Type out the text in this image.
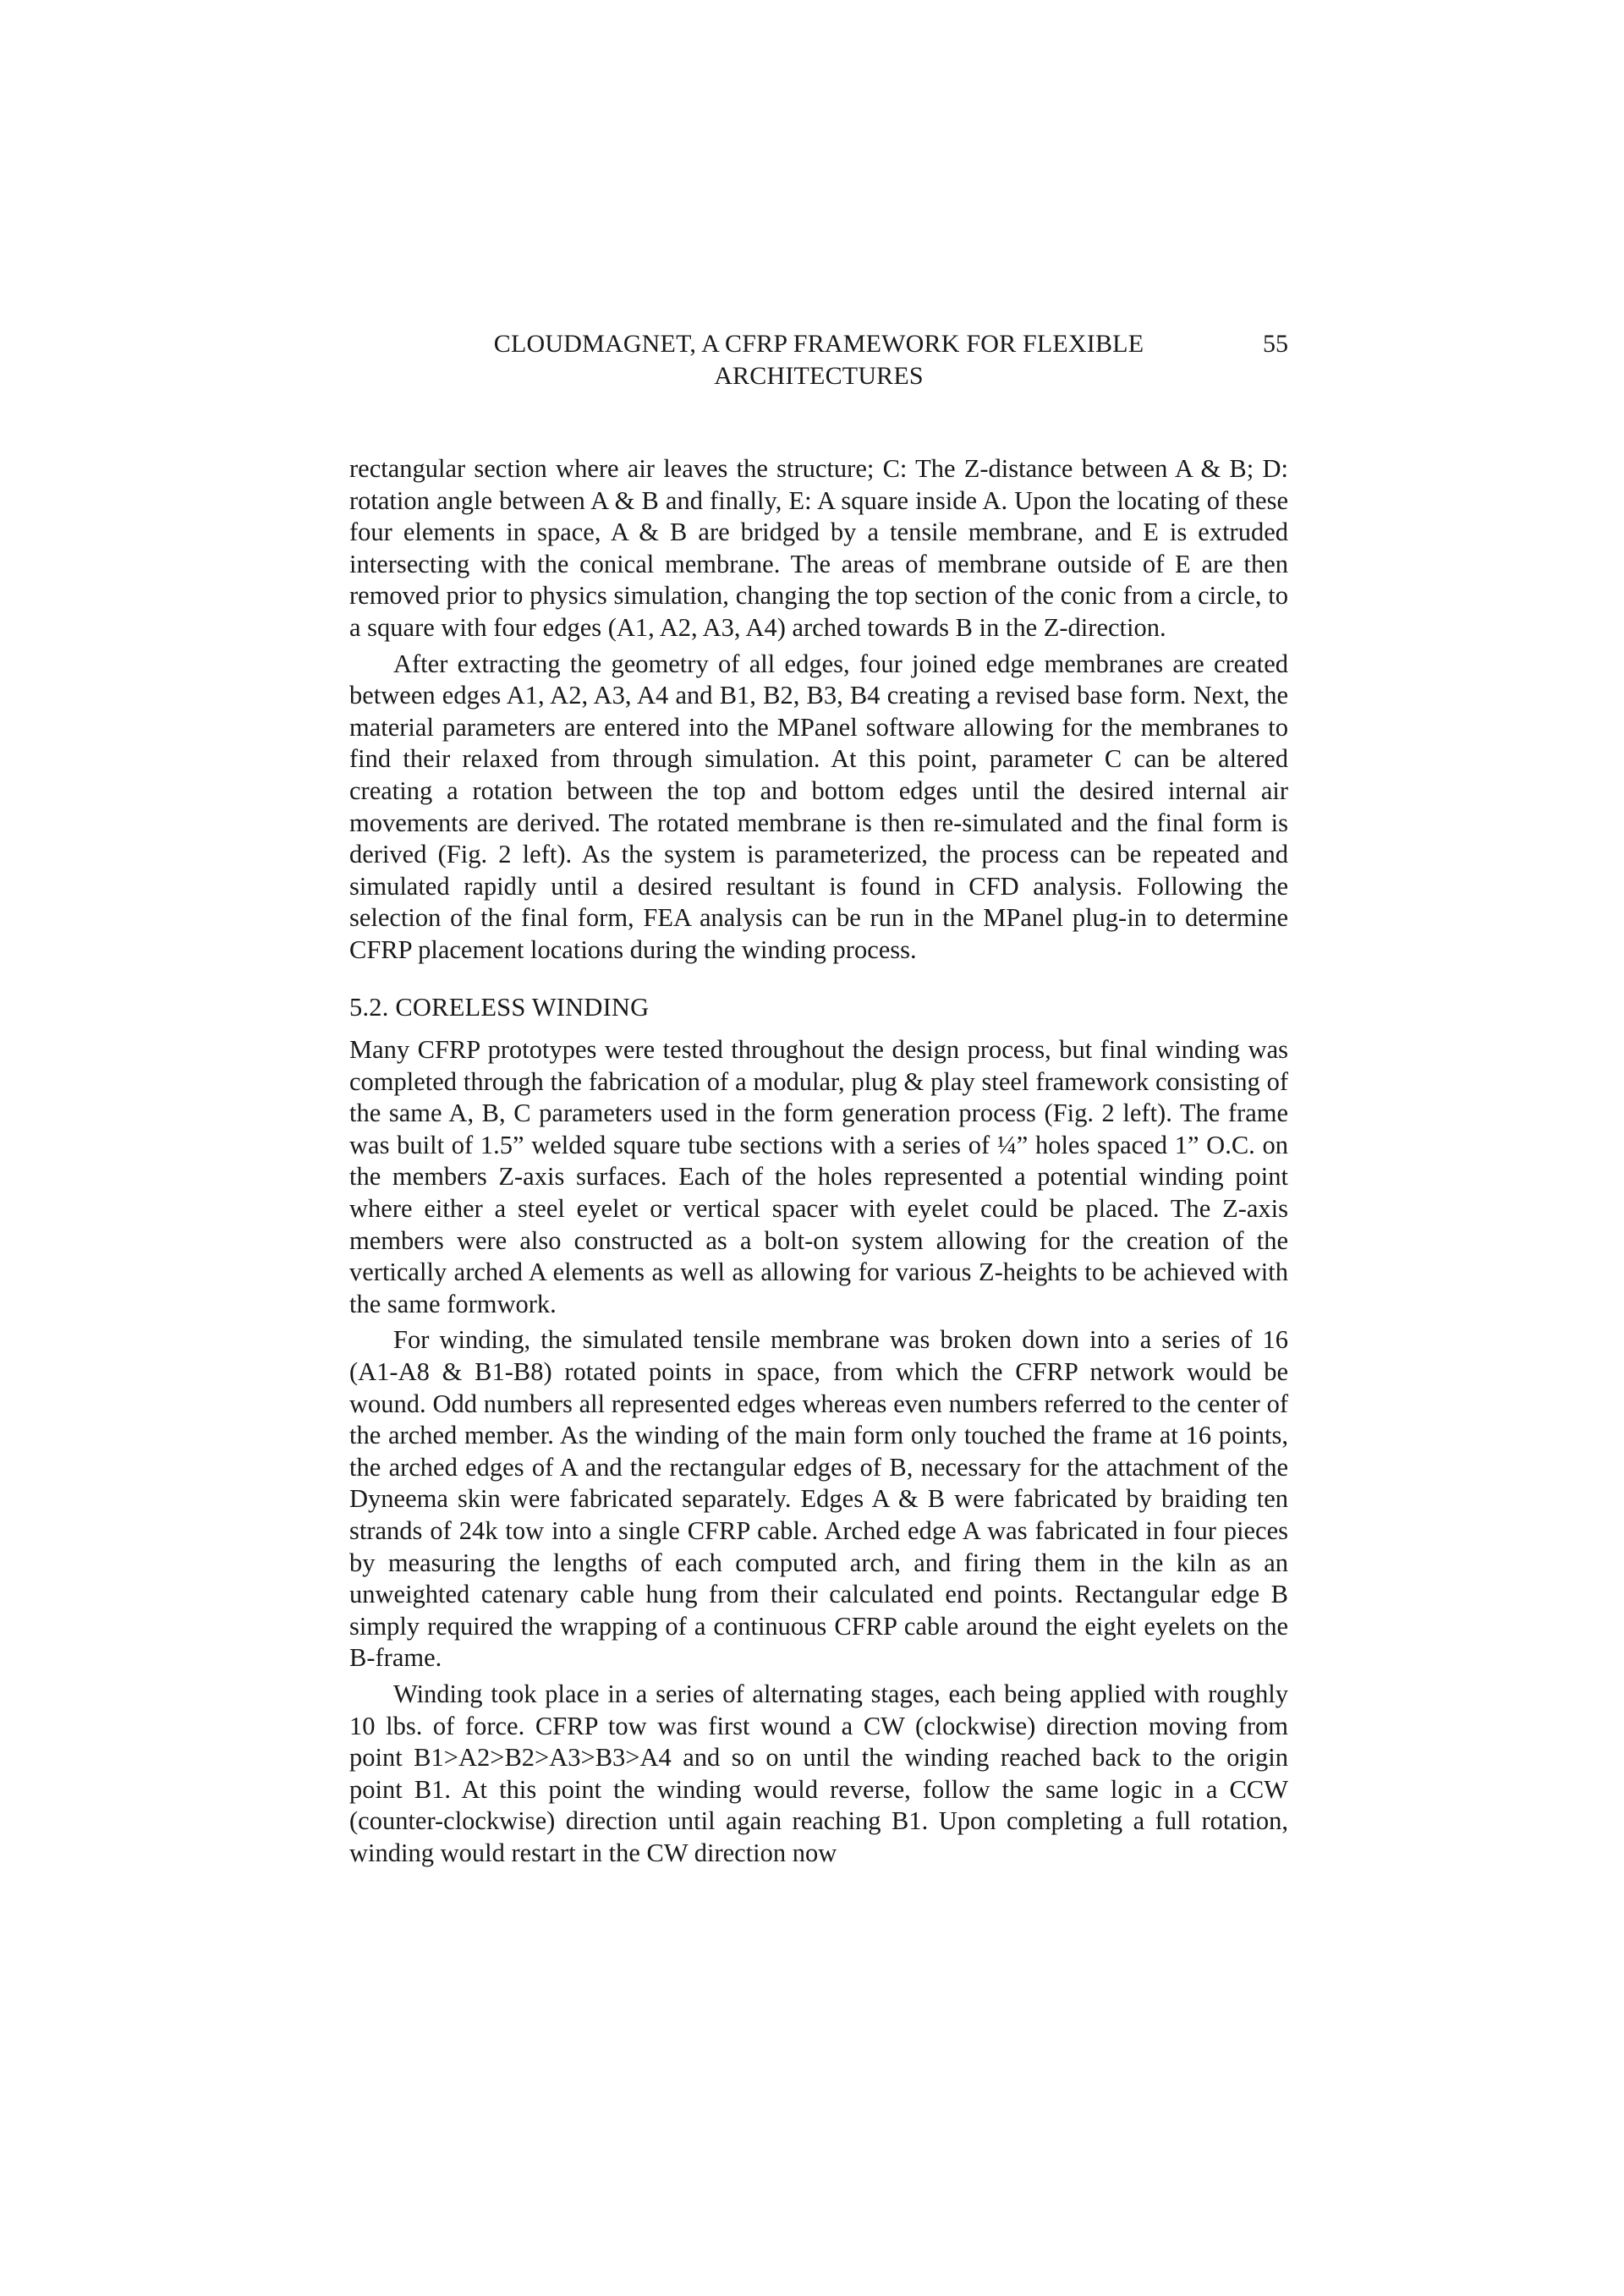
CLOUDMAGNET, A CFRP FRAMEWORK FOR FLEXIBLE
ARCHITECTURES
55

rectangular section where air leaves the structure; C: The Z-distance between A & B; D: rotation angle between A & B and finally, E: A square inside A. Upon the locating of these four elements in space, A & B are bridged by a tensile membrane, and E is extruded intersecting with the conical membrane. The areas of membrane outside of E are then removed prior to physics simulation, changing the top section of the conic from a circle, to a square with four edges (A1, A2, A3, A4) arched towards B in the Z-direction.

After extracting the geometry of all edges, four joined edge membranes are created between edges A1, A2, A3, A4 and B1, B2, B3, B4 creating a revised base form. Next, the material parameters are entered into the MPanel software allowing for the membranes to find their relaxed from through simulation. At this point, parameter C can be altered creating a rotation between the top and bottom edges until the desired internal air movements are derived. The rotated membrane is then re-simulated and the final form is derived (Fig. 2 left). As the system is parameterized, the process can be repeated and simulated rapidly until a desired resultant is found in CFD analysis. Following the selection of the final form, FEA analysis can be run in the MPanel plug-in to determine CFRP placement locations during the winding process.

5.2. CORELESS WINDING

Many CFRP prototypes were tested throughout the design process, but final winding was completed through the fabrication of a modular, plug & play steel framework consisting of the same A, B, C parameters used in the form generation process (Fig. 2 left). The frame was built of 1.5” welded square tube sections with a series of ¼” holes spaced 1” O.C. on the members Z-axis surfaces. Each of the holes represented a potential winding point where either a steel eyelet or vertical spacer with eyelet could be placed. The Z-axis members were also constructed as a bolt-on system allowing for the creation of the vertically arched A elements as well as allowing for various Z-heights to be achieved with the same formwork.

For winding, the simulated tensile membrane was broken down into a series of 16 (A1-A8 & B1-B8) rotated points in space, from which the CFRP network would be wound. Odd numbers all represented edges whereas even numbers referred to the center of the arched member. As the winding of the main form only touched the frame at 16 points, the arched edges of A and the rectangular edges of B, necessary for the attachment of the Dyneema skin were fabricated separately. Edges A & B were fabricated by braiding ten strands of 24k tow into a single CFRP cable. Arched edge A was fabricated in four pieces by measuring the lengths of each computed arch, and firing them in the kiln as an unweighted catenary cable hung from their calculated end points. Rectangular edge B simply required the wrapping of a continuous CFRP cable around the eight eyelets on the B-frame.

Winding took place in a series of alternating stages, each being applied with roughly 10 lbs. of force. CFRP tow was first wound a CW (clockwise) direction moving from point B1>A2>B2>A3>B3>A4 and so on until the winding reached back to the origin point B1. At this point the winding would reverse, follow the same logic in a CCW (counter-clockwise) direction until again reaching B1. Upon completing a full rotation, winding would restart in the CW direction now
